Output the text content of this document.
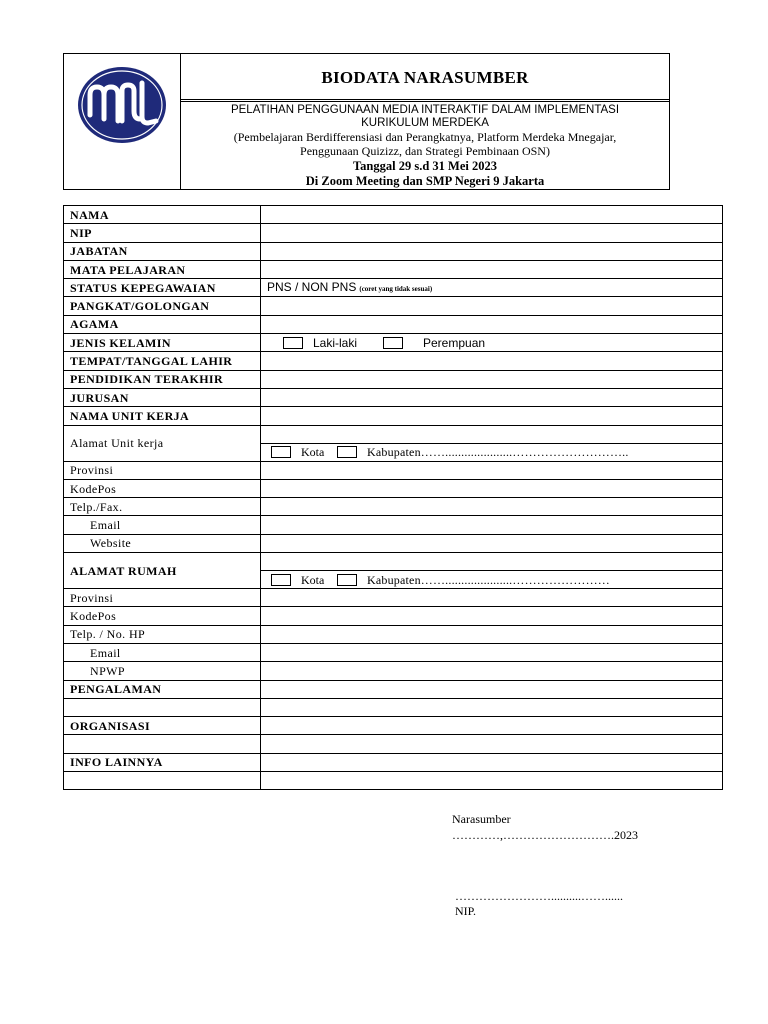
BIODATA NARASUMBER
PELATIHAN PENGGUNAAN MEDIA INTERAKTIF DALAM IMPLEMENTASI
KURIKULUM MERDEKA
(Pembelajaran Berdifferensiasi dan Perangkatnya, Platform Merdeka Mnegajar,
Penggunaan Quizizz, dan Strategi Pembinaan OSN)
Tanggal 29 s.d 31 Mei 2023
Di Zoom Meeting dan SMP Negeri 9 Jakarta
NAMA	
NIP	
JABATAN	
MATA PELAJARAN	
STATUS KEPEGAWAIAN	PNS / NON PNS (coret yang tidak sesuai)
PANGKAT/GOLONGAN	
AGAMA	
JENIS KELAMIN	Laki-laki Perempuan

TEMPAT/TANGGAL LAHIR	
PENDIDIKAN TERAKHIR	
JURUSAN	
NAMA UNIT KERJA	
Alamat Unit kerja	Kota Kabupaten…….....................………………………..

Provinsi	
KodePos	
Telp./Fax.	
Email	
Website	
ALAMAT RUMAH	Kota Kabupaten…….....................……………………

Provinsi	
KodePos	
Telp. / No. HP	
Email	
NPWP	
PENGALAMAN	

ORGANISASI	

INFO LAINNYA	

Narasumber
…………,……………………….2023
……………………..........……......
NIP.
